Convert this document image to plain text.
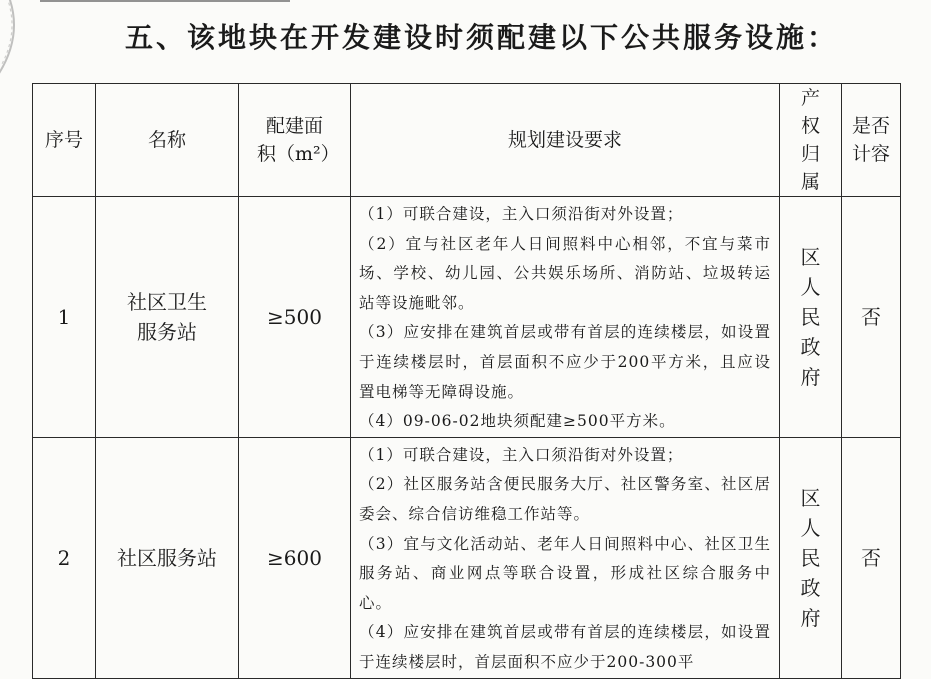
五、该地块在开发建设时须配建以下公共服务设施：
序号	名称	配建面积（m²）	规划建设要求	产权归属	是否计容
1	社区卫生服务站	≥500	（1）可联合建设，主入口须沿街对外设置；

（2）宜与社区老年人日间照料中心相邻，不宜与菜市场、学校、幼儿园、公共娱乐场所、消防站、垃圾转运站等设施毗邻。

（3）应安排在建筑首层或带有首层的连续楼层，如设置于连续楼层时，首层面积不应少于200平方米，且应设置电梯等无障碍设施。

（4）09-06-02地块须配建≥500平方米。	区人民政府	否
2	社区服务站	≥600	（1）可联合建设，主入口须沿街对外设置；

（2）社区服务站含便民服务大厅、社区警务室、社区居委会、综合信访维稳工作站等。

（3）宜与文化活动站、老年人日间照料中心、社区卫生服务站、商业网点等联合设置，形成社区综合服务中心。

（4）应安排在建筑首层或带有首层的连续楼层，如设置于连续楼层时，首层面积不应少于200-300平	区人民政府	否
